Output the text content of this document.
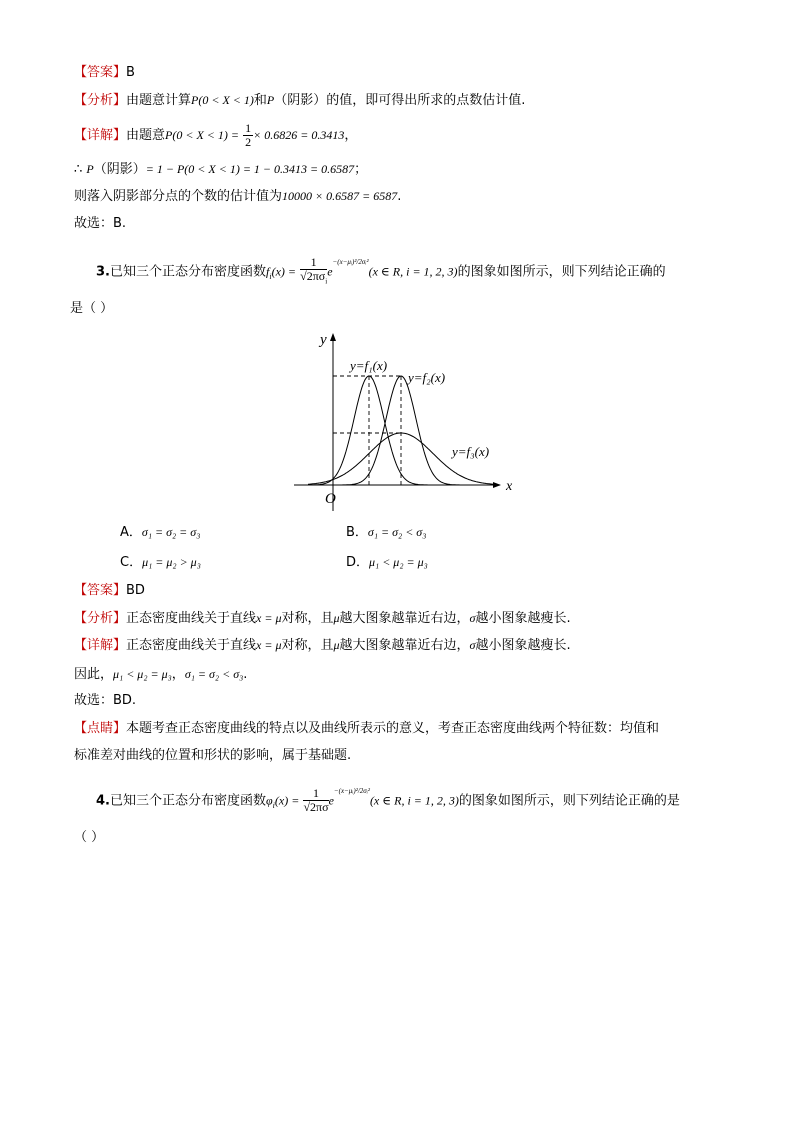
【答案】B
【分析】由题意计算P(0 < X < 1)和P（阴影）的值，即可得出所求的点数估计值.
【详解】由题意$P(0 < X < 1) = \frac{1}{2} \times 0.6826 = 0.3413$，
∴ P（阴影）= 1 − P(0 < X < 1) = 1 − 0.3413 = 0.6587；
则落入阴影部分点的个数的估计值为10000 × 0.6587 = 6587.
故选：B.
3.已知三个正态分布密度函数$f_i(x) = \frac{1}{√2\pi\sigma_i} e^{-(x-\mu ᵢ)^2/2\sigma ᵢ^2}(x$ ∈ R, i = 1, 2, 3)的图象如图所示，则下列结论正确的
是（ ）
y
x
O
y=f₁(x)
y=f₂(x)
y=f₃(x)
A．σ₁ = σ₂ = σ₃	B．σ₁ = σ₂ < σ₃
C．μ₁ = μ₂ > μ₃	D．μ₁ < μ₂ = μ₃
【答案】BD
【分析】正态密度曲线关于直线x = μ对称，且μ越大图象越靠近右边，σ越小图象越瘦长.
【详解】正态密度曲线关于直线x = μ对称，且μ越大图象越靠近右边，σ越小图象越瘦长.
因此，μ₁ < μ₂ = μ₃，σ₁ = σ₂ < σ₃.
故选：BD.
【点睛】本题考查正态密度曲线的特点以及曲线所表示的意义，考查正态密度曲线两个特征数：均值和
标准差对曲线的位置和形状的影响，属于基础题.
4.已知三个正态分布密度函数$\varphi_i(x) = \frac{1}{√2\pi\sigma} e^{-(x-\mu ᵢ)^2/2\sigma ᵢ^2}(x$ ∈ R, i = 1, 2, 3)的图象如图所示，则下列结论正确的是
（ ）
